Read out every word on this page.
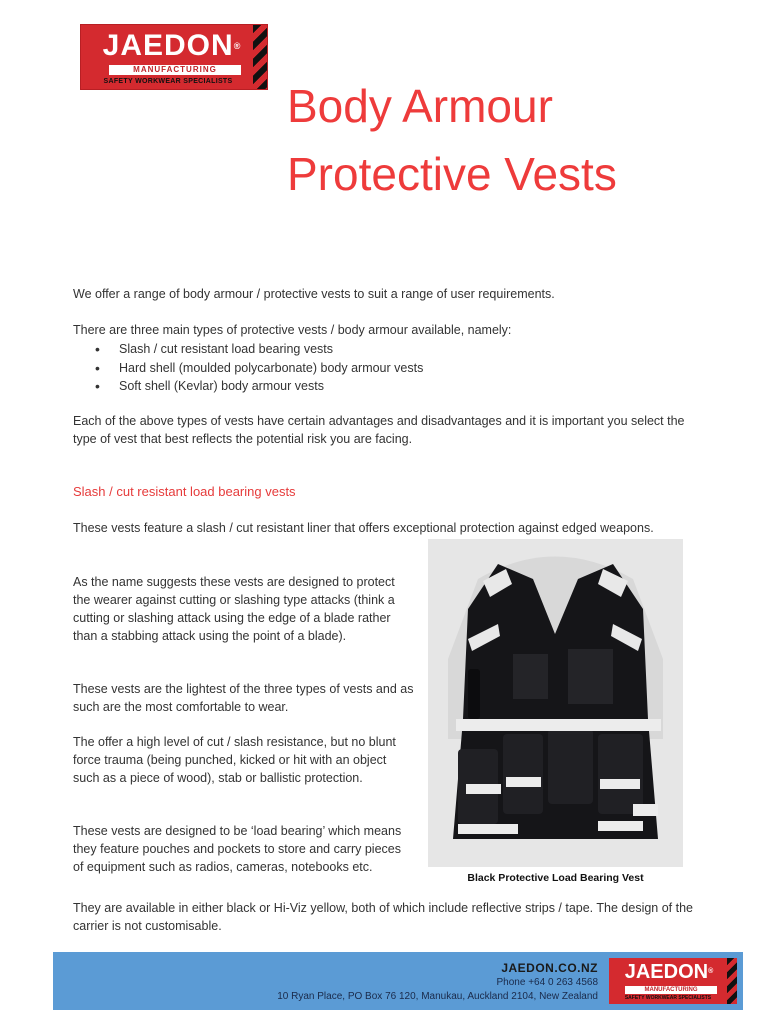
JAEDON®
MANUFACTURING
SAFETY WORKWEAR SPECIALISTS	Body Armour
Protective Vests

We offer a range of body armour / protective vests to suit a range of user requirements.

There are three main types of protective vests / body armour available, namely:

• Slash / cut resistant load bearing vests
• Hard shell (moulded polycarbonate) body armour vests
• Soft shell (Kevlar) body armour vests

Each of the above types of vests have certain advantages and disadvantages and it is important you select the type of vest that best reflects the potential risk you are facing.

Slash / cut resistant load bearing vests

These vests feature a slash / cut resistant liner that offers exceptional protection against edged weapons.

As the name suggests these vests are designed to protect the wearer against cutting or slashing type attacks (think a cutting or slashing attack using the edge of a blade rather than a stabbing attack using the point of a blade).

These vests are the lightest of the three types of vests and as such are the most comfortable to wear.

The offer a high level of cut / slash resistance, but no blunt force trauma (being punched, kicked or hit with an object such as a piece of wood), stab or ballistic protection.

These vests are designed to be ‘load bearing’ which means they feature pouches and pockets to store and carry pieces of equipment such as radios, cameras, notebooks etc.

They are available in either black or Hi-Viz yellow, both of which include reflective strips / tape. The design of the carrier is not customisable.

Black Protective Load Bearing Vest
JAEDON.CO.NZ
Phone +64 0 263 4568
10 Ryan Place, PO Box 76 120, Manukau, Auckland 2104, New Zealand
JAEDON®
MANUFACTURING
SAFETY WORKWEAR SPECIALISTS
